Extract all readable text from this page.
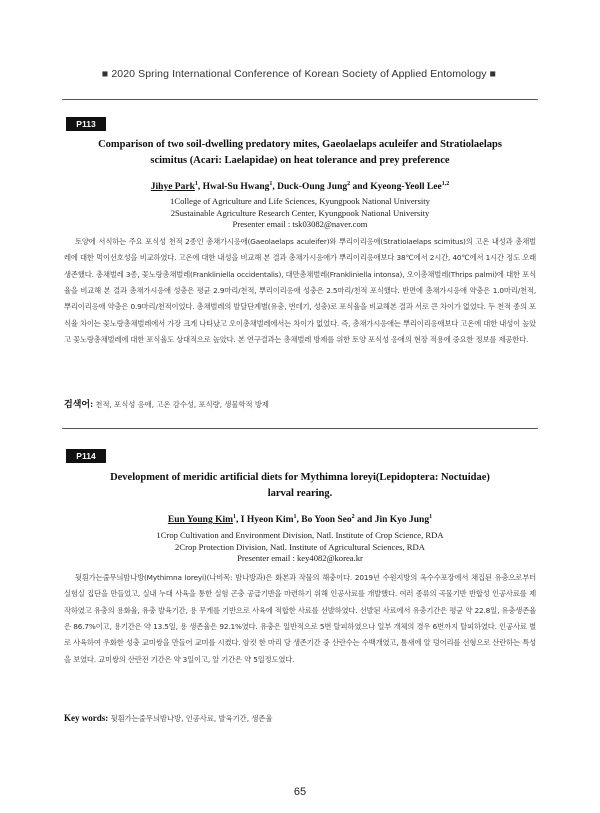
■ 2020 Spring International Conference of Korean Society of Applied Entomology ■
P113
Comparison of two soil-dwelling predatory mites, Gaeolaelaps aculeifer and Stratiolaelaps
scimitus (Acari: Laelapidae) on heat tolerance and prey preference
Jihye Park$^1$, Hwal-Su Hwang$^1$, Duck-Oung Jung$^2$ and Kyeong-Yeoll Lee$^{1,2}$
1College of Agriculture and Life Sciences, Kyungpook National University
2Sustainable Agriculture Research Center, Kyungpook National University
Presenter email : tsk03082@naver.com

토양에 서식하는 주요 포식성 천적 2종인 총채가시응애(Gaeolaelaps aculeifer)와 뿌리이리응애(Stratiolaelaps scimitus)의 고온 내성과 총채벌레에 대한 먹이선호성을 비교하였다. 고온에 대한 내성을 비교해 본 결과 총채가시응애가 뿌리이리응애보다 38℃에서 2시간, 40℃에서 1시간 정도 오래 생존했다. 총채벌레 3종, 꽃노랑총채벌레(Frankliniella occidentalis), 대만총채벌레(Frankliniella intonsa), 오이총채벌레(Thrips palmi)에 대한 포식율을 비교해 본 결과 총채가시응애 성충은 평균 2.9마리/천적, 뿌리이리응애 성충은 2.5마리/천적 포식했다. 반면에 총채가시응애 약충은 1.0마리/천적, 뿌리이리응애 약충은 0.9마리/천적이었다. 총채벌레의 발달단계별(유충, 번데기, 성충)로 포식율을 비교해본 결과 서로 큰 차이가 없었다. 두 천적 종의 포식율 차이는 꽃노랑총채벌레에서 가장 크게 나타났고 오이총채벌레에서는 차이가 없었다. 즉, 총채가시응애는 뿌리이리응애보다 고온에 대한 내성이 높았고 꽃노랑총채벌레에 대한 포식율도 상대적으로 높았다. 본 연구결과는 총채벌레 방제를 위한 토양 포식성 응애의 현장 적용에 중요한 정보를 제공한다.

검색어: 천적, 포식성 응애, 고온 감수성, 포식량, 생물학적 방제
P114
Development of meridic artificial diets for Mythimna loreyi(Lepidoptera: Noctuidae)
larval rearing.
Eun Young Kim$^1$, I Hyeon Kim$^1$, Bo Yoon Seo$^2$ and Jin Kyo Jung$^1$
1Crop Cultivation and Environment Division, Natl. Institute of Crop Science, RDA
2Crop Protection Division, Natl. Institute of Agricultural Sciences, RDA
Presenter email : key4082@korea.kr

뒷흰가는줄무늬밤나방(Mythimna loreyi)(나비목: 밤나방과)은 화본과 작물의 해충이다. 2019년 수원지방의 옥수수포장에서 채집된 유충으로부터 실험실 집단을 만들었고, 실내 누대 사육을 통한 실험 곤충 공급기반을 마련하기 위해 인공사료를 개발했다. 여러 종류의 곡물기반 반합성 인공사료를 제작하였고 유충의 용화율, 유충 발육기간, 용 무게를 기반으로 사육에 적합한 사료를 선발하였다. 선발된 사료에서 유충기간은 평균 약 22.8일, 유충생존율은 86.7%이고, 용기간은 약 13.5일, 용 생존율은 92.1%였다. 유충은 일반적으로 5번 탈피하였으나 일부 개체의 경우 6번까지 탈피하였다. 인공사료 별로 사육하여 우화한 성충 교미쌍을 만들어 교미를 시켰다. 암컷 한 마리 당 생존기간 중 산란수는 수백개였고, 틈새에 알 덩어리를 선형으로 산란하는 특성을 보였다. 교미쌍의 산란전 기간은 약 3일이고, 알 기간은 약 5일정도였다.

Key words: 뒷흰가는줄무늬밤나방, 인공사료, 발육기간, 생존율
65
